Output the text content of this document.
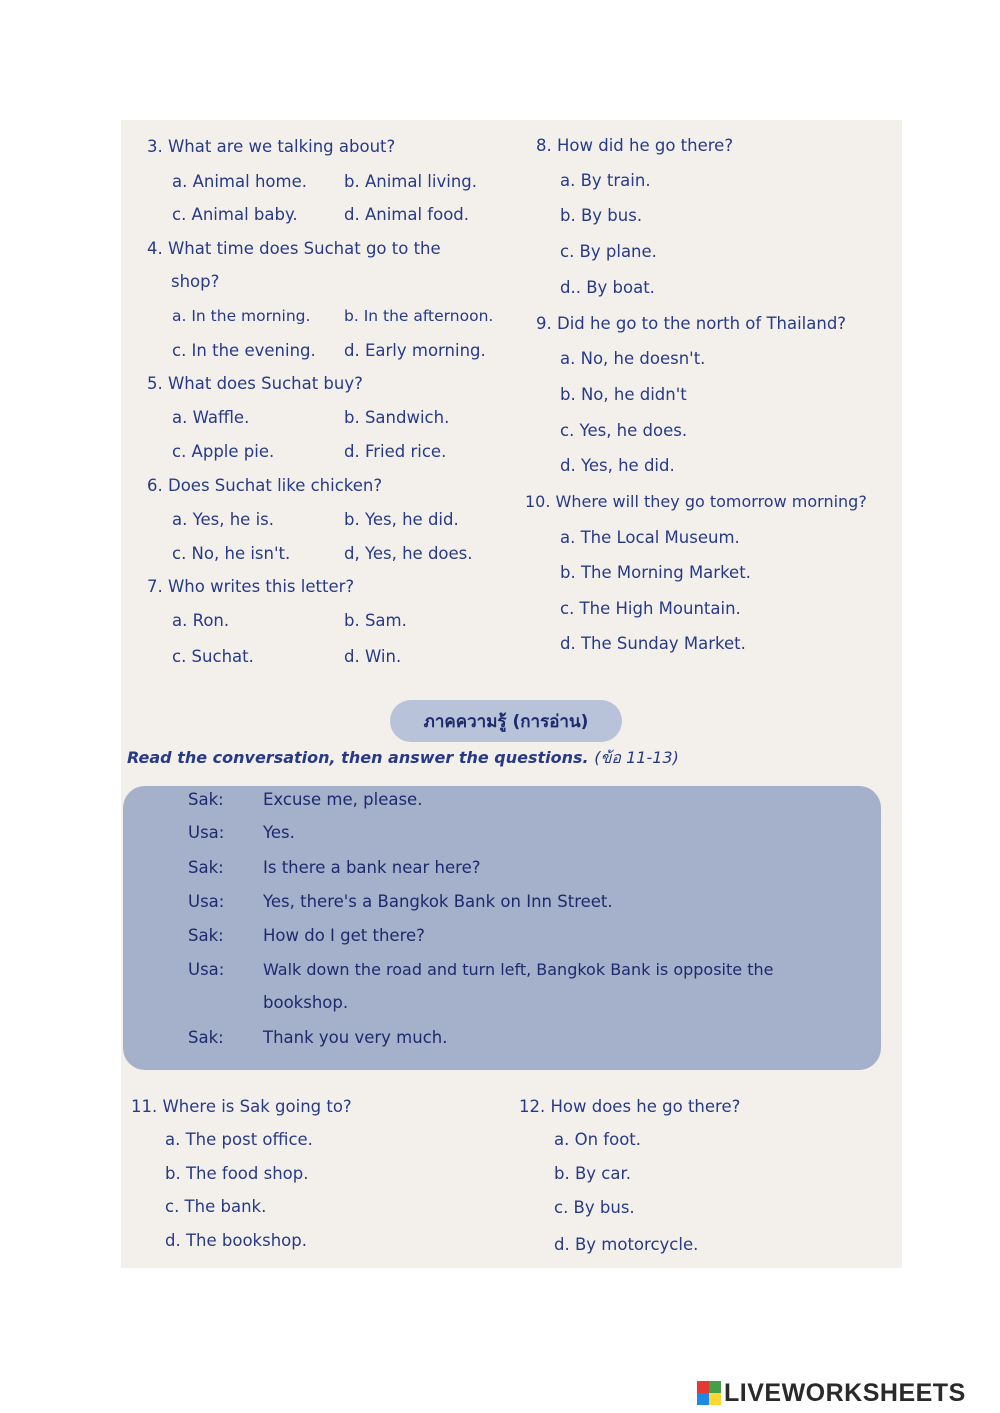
3. What are we talking about?
a. Animal home. b. Animal living.
c. Animal baby.	d. Animal food.
4. What time does Suchat go to the
shop?
a. In the morning. b. In the afternoon.
c. In the evening. d. Early morning.
5. What does Suchat buy?
a. Waffle.	b. Sandwich.
c. Apple pie.	d. Fried rice.
6. Does Suchat like chicken?
a. Yes, he is.	b. Yes, he did.
c. No, he isn't.	d, Yes, he does.
7. Who writes this letter?
a. Ron.	b. Sam.
c. Suchat.	d. Win.
8. How did he go there?
a. By train.
b. By bus.
c. By plane.
d.. By boat.
9. Did he go to the north of Thailand?
a. No, he doesn't.
b. No, he didn't
c. Yes, he does.
d. Yes, he did.
10. Where will they go tomorrow morning?
a. The Local Museum.
b. The Morning Market.
c. The High Mountain.
d. The Sunday Market.
ภาคความรู้ (การอ่าน)
Read the conversation, then answer the questions. (ข้อ 11-13)
Sak: Excuse me, please.
Usa: Yes.
Sak: Is there a bank near here?
Usa: Yes, there's a Bangkok Bank on Inn Street.
Sak: How do I get there?
Usa: Walk down the road and turn left, Bangkok Bank is opposite the
bookshop.
Sak: Thank you very much.
11. Where is Sak going to?
a. The post office.
b. The food shop.
c. The bank.
d. The bookshop.
12. How does he go there?
a. On foot.
b. By car.
c. By bus.
d. By motorcycle.
LIVEWORKSHEETS
